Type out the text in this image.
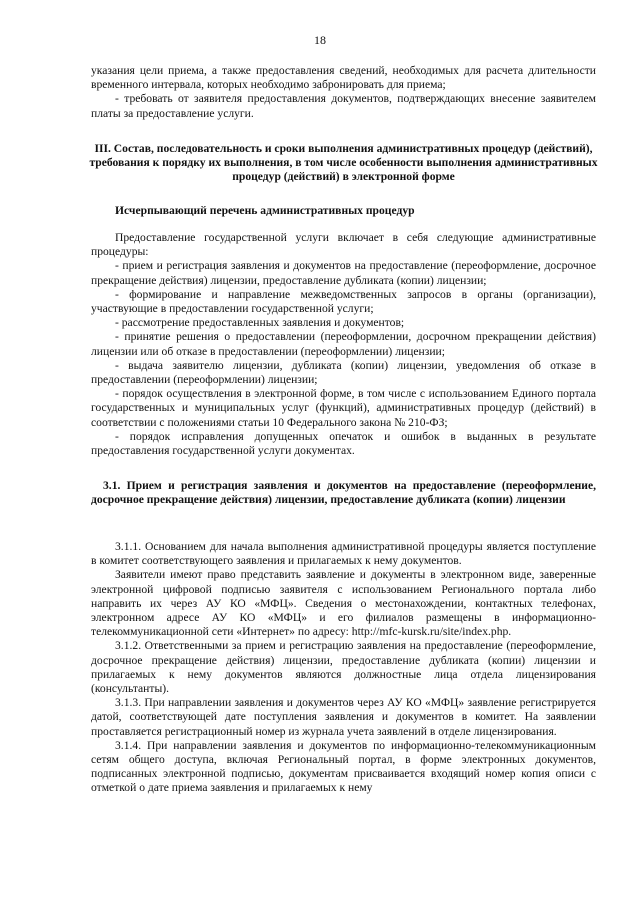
18

указания цели приема, а также предоставления сведений, необходимых для расчета длительности временного интервала, которых необходимо забронировать для приема;

- требовать от заявителя предоставления документов, подтверждающих внесение заявителем платы за предоставление услуги.

III. Состав, последовательность и сроки выполнения административных процедур (действий), требования к порядку их выполнения, в том числе особенности выполнения административных процедур (действий) в электронной форме

Исчерпывающий перечень административных процедур

Предоставление государственной услуги включает в себя следующие административные процедуры:

- прием и регистрация заявления и документов на предоставление (переоформление, досрочное прекращение действия) лицензии, предоставление дубликата (копии) лицензии;

- формирование и направление межведомственных запросов в органы (организации), участвующие в предоставлении государственной услуги;

- рассмотрение предоставленных заявления и документов;

- принятие решения о предоставлении (переоформлении, досрочном прекращении действия) лицензии или об отказе в предоставлении (переоформлении) лицензии;

- выдача заявителю лицензии, дубликата (копии) лицензии, уведомления об отказе в предоставлении (переоформлении) лицензии;

- порядок осуществления в электронной форме, в том числе с использованием Единого портала государственных и муниципальных услуг (функций), административных процедур (действий) в соответствии с положениями статьи 10 Федерального закона № 210-ФЗ;

- порядок исправления допущенных опечаток и ошибок в выданных в результате предоставления государственной услуги документах.

3.1. Прием и регистрация заявления и документов на предоставление (переоформление, досрочное прекращение действия) лицензии, предоставление дубликата (копии) лицензии

3.1.1. Основанием для начала выполнения административной процедуры является поступление в комитет соответствующего заявления и прилагаемых к нему документов.

Заявители имеют право представить заявление и документы в электронном виде, заверенные электронной цифровой подписью заявителя с использованием Регионального портала либо направить их через АУ КО «МФЦ». Сведения о местонахождении, контактных телефонах, электронном адресе АУ КО «МФЦ» и его филиалов размещены в информационно-телекоммуникационной сети «Интернет» по адресу: http://mfc-kursk.ru/site/index.php.

3.1.2. Ответственными за прием и регистрацию заявления на предоставление (переоформление, досрочное прекращение действия) лицензии, предоставление дубликата (копии) лицензии и прилагаемых к нему документов являются должностные лица отдела лицензирования (консультанты).

3.1.3. При направлении заявления и документов через АУ КО «МФЦ» заявление регистрируется датой, соответствующей дате поступления заявления и документов в комитет. На заявлении проставляется регистрационный номер из журнала учета заявлений в отделе лицензирования.

3.1.4. При направлении заявления и документов по информационно-телекоммуникационным сетям общего доступа, включая Региональный портал, в форме электронных документов, подписанных электронной подписью, документам присваивается входящий номер копия описи с отметкой о дате приема заявления и прилагаемых к нему
